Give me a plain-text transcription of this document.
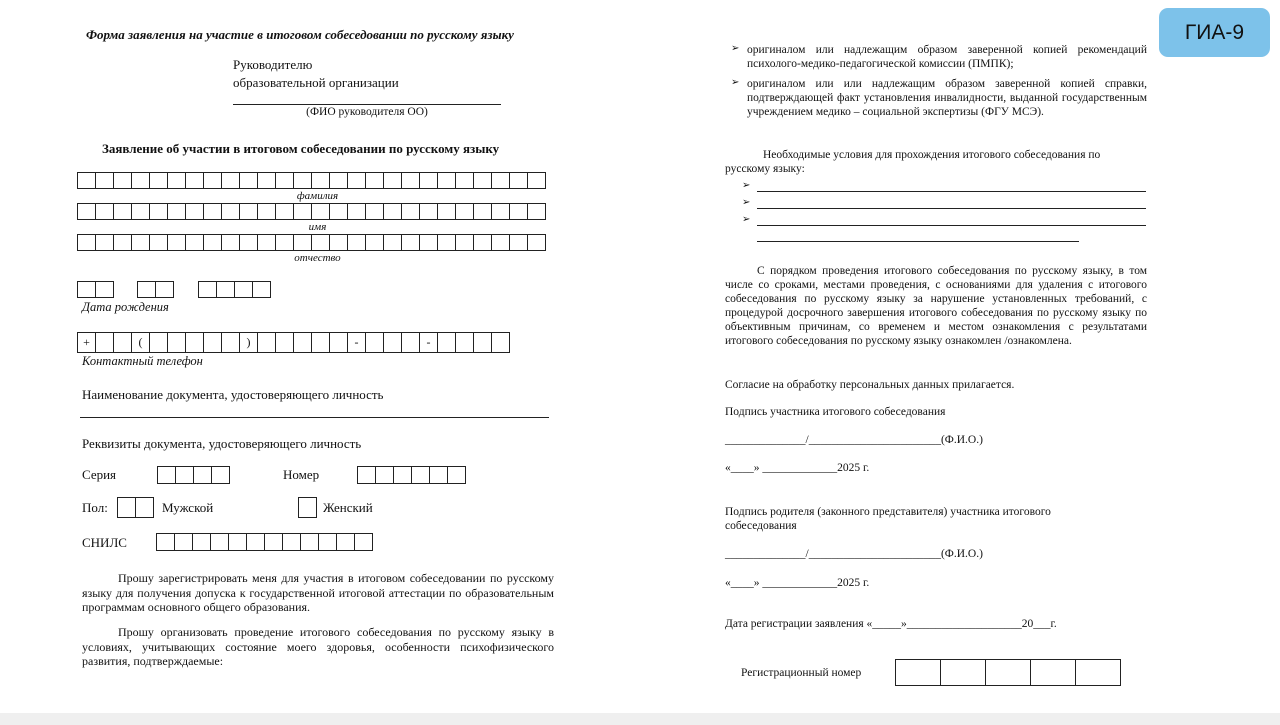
Форма заявления на участие в итоговом собеседовании по русскому языку
Руководителю
образовательной организации
(ФИО руководителя ОО)
Заявление об участии в итоговом собеседовании по русскому языку
фамилия
имя
отчество
Дата рождения
+	(	)	-	-
Контактный телефон
Наименование документа, удостоверяющего личность
Реквизиты документа, удостоверяющего личность
Серия	Номер
Пол:	Мужской	Женский
СНИЛС
Прошу зарегистрировать меня для участия в итоговом собеседовании по русскому языку для получения допуска к государственной итоговой аттестации по образовательным программам основного общего образования.
Прошу организовать проведение итогового собеседования по русскому языку в условиях, учитывающих состояние моего здоровья, особенности психофизического развития, подтверждаемые:
ГИА-9
➢ оригиналом или надлежащим образом заверенной копией рекомендаций психолого-медико-педагогической комиссии (ПМПК);
➢ оригиналом или или надлежащим образом заверенной копией справки, подтверждающей факт установления инвалидности, выданной государственным учреждением медико – социальной экспертизы (ФГУ МСЭ).
Необходимые условия для прохождения итогового собеседования по русскому языку:
➢
➢
➢
С порядком проведения итогового собеседования по русскому языку, в том числе со сроками, местами проведения, с основаниями для удаления с итогового собеседования по русскому языку за нарушение установленных требований, с процедурой досрочного завершения итогового собеседования по русскому языку по объективным причинам, со временем и местом ознакомления с результатами итогового собеседования по русскому языку ознакомлен /ознакомлена.
Согласие на обработку персональных данных прилагается.
Подпись участника итогового собеседования
______________/_______________________(Ф.И.О.)
«____» _____________2025 г.
Подпись родителя (законного представителя) участника итогового собеседования
______________/_______________________(Ф.И.О.)
«____» _____________2025 г.
Дата регистрации заявления «_____»____________________20___г.
Регистрационный номер
